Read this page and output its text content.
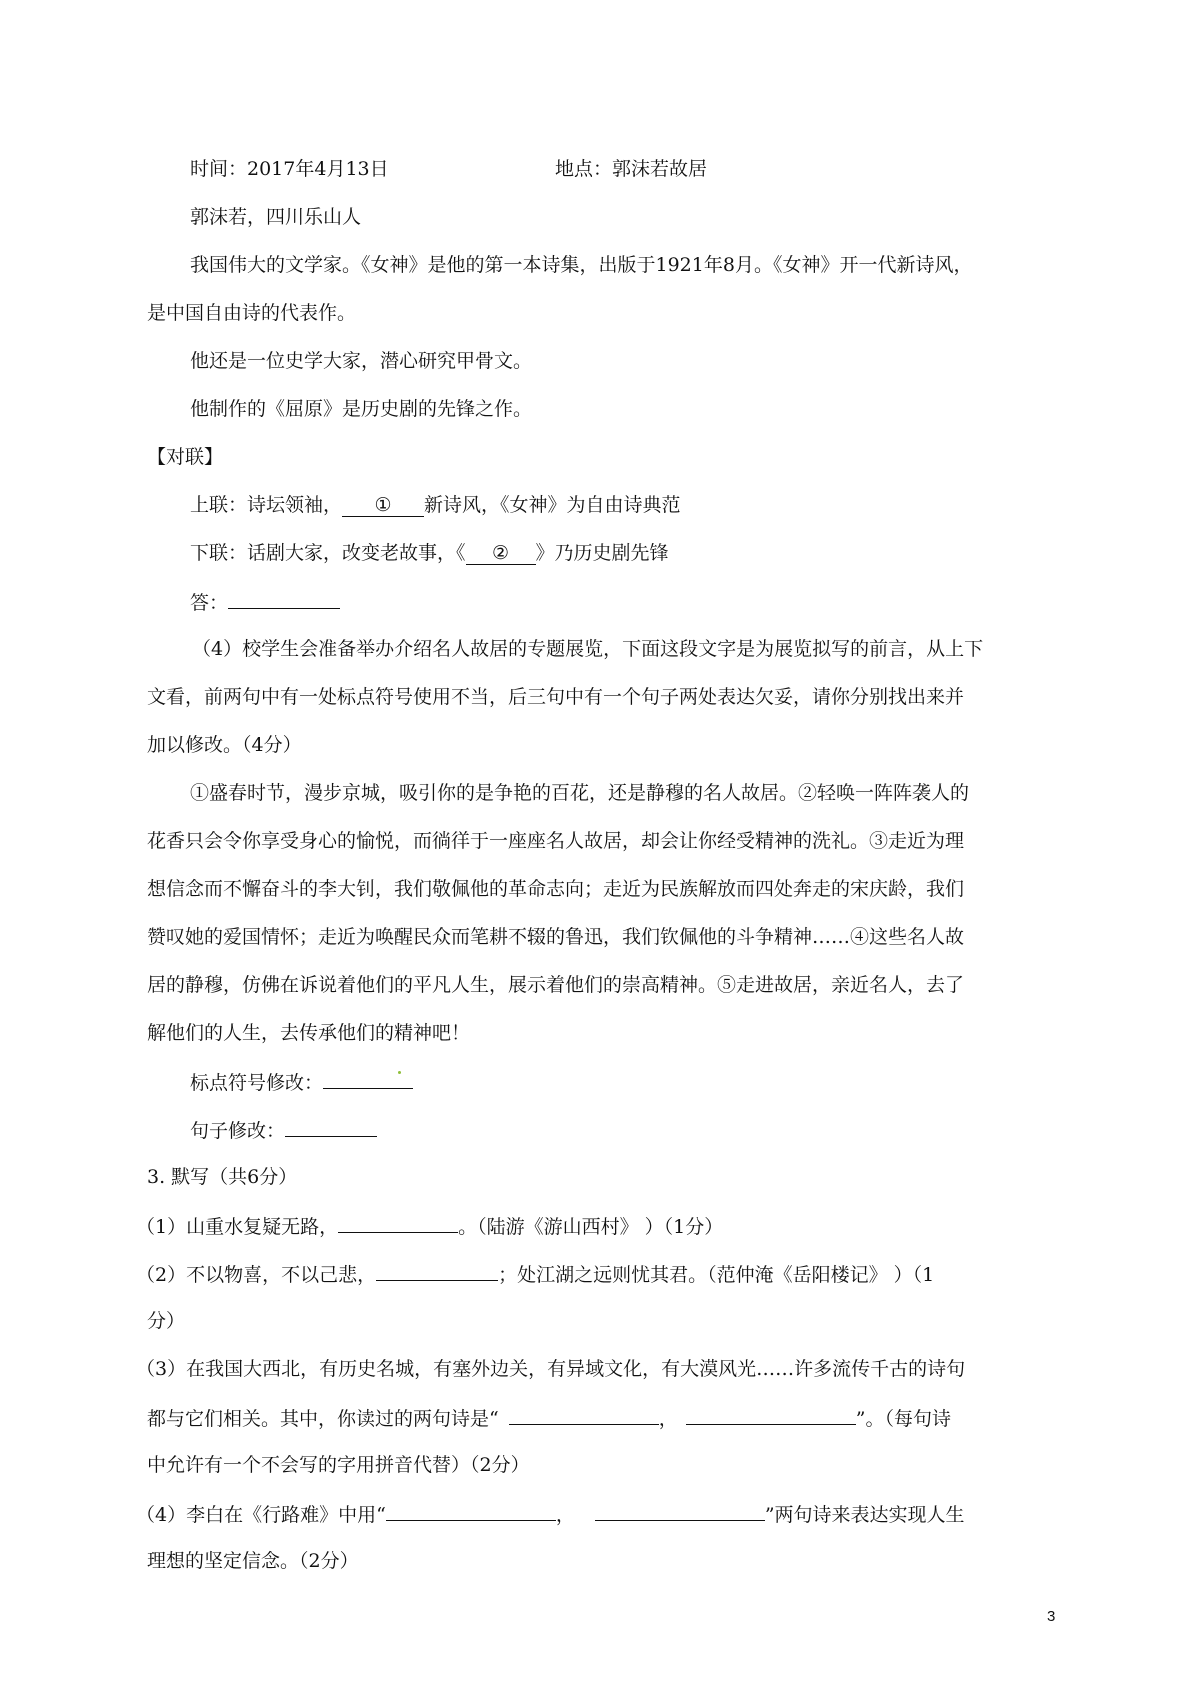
时间：2017年4月13日	地点：郭沫若故居
郭沫若，四川乐山人
我国伟大的文学家。《女神》是他的第一本诗集，出版于1921年8月。《女神》开一代新诗风，
是中国自由诗的代表作。
他还是一位史学大家，潜心研究甲骨文。
他制作的《屈原》是历史剧的先锋之作。
【对联】
上联：诗坛领袖， ① 新诗风，《女神》为自由诗典范
下联：话剧大家，改变老故事，《 ② 》乃历史剧先锋
答：
（4）校学生会准备举办介绍名人故居的专题展览，下面这段文字是为展览拟写的前言，从上下
文看，前两句中有一处标点符号使用不当，后三句中有一个句子两处表达欠妥，请你分别找出来并
加以修改。（4分）
①盛春时节，漫步京城，吸引你的是争艳的百花，还是静穆的名人故居。②轻唤一阵阵袭人的
花香只会令你享受身心的愉悦，而徜徉于一座座名人故居，却会让你经受精神的洗礼。③走近为理
想信念而不懈奋斗的李大钊，我们敬佩他的革命志向；走近为民族解放而四处奔走的宋庆龄，我们
赞叹她的爱国情怀；走近为唤醒民众而笔耕不辍的鲁迅，我们钦佩他的斗争精神……④这些名人故
居的静穆，仿佛在诉说着他们的平凡人生，展示着他们的崇高精神。⑤走进故居，亲近名人，去了
解他们的人生，去传承他们的精神吧！
标点符号修改：
句子修改：
3. 默写（共6分）
（1）山重水复疑无路，	。（陆游《游山西村》 ）（1分）
（2）不以物喜，不以己悲，	；处江湖之远则忧其君。（范仲淹《岳阳楼记》 ）（1
分）
（3）在我国大西北，有历史名城，有塞外边关，有异域文化，有大漠风光……许多流传千古的诗句
都与它们相关。其中，你读过的两句诗是“	，	”。（每句诗
中允许有一个不会写的字用拼音代替）（2分）
（4）李白在《行路难》中用“	，	”两句诗来表达实现人生
理想的坚定信念。（2分）
3
